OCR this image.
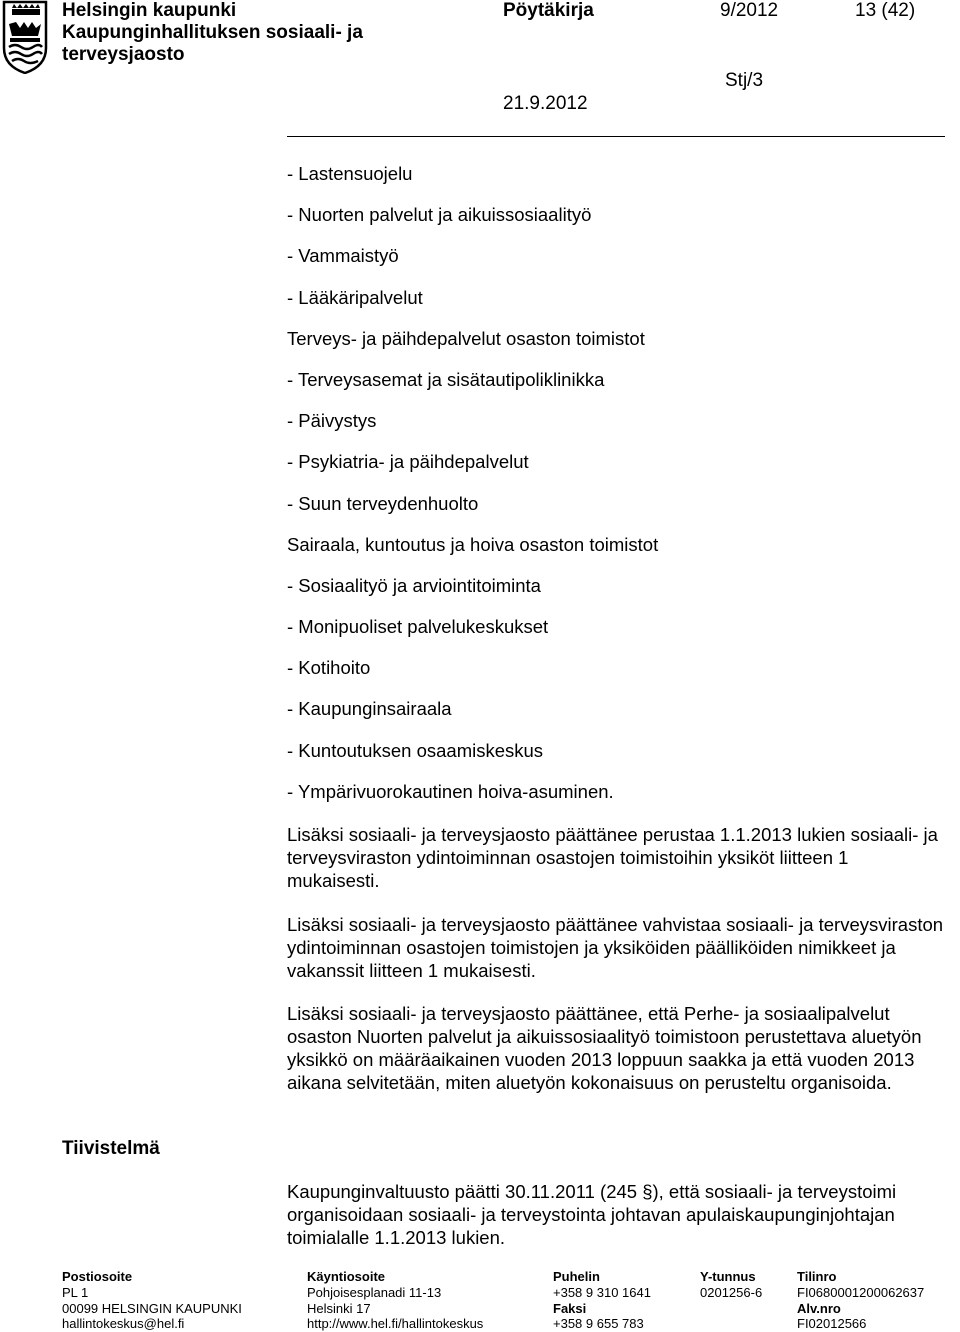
Helsingin kaupunki
Kaupunginhallituksen sosiaali- ja
terveysjaosto
Pöytäkirja	9/2012	13 (42)
Stj/3
21.9.2012
- Lastensuojelu
- Nuorten palvelut ja aikuissosiaalityö
- Vammaistyö
- Lääkäripalvelut
Terveys- ja päihdepalvelut osaston toimistot
- Terveysasemat ja sisätautipoliklinikka
- Päivystys
- Psykiatria- ja päihdepalvelut
- Suun terveydenhuolto
Sairaala, kuntoutus ja hoiva osaston toimistot
- Sosiaalityö ja arviointitoiminta
- Monipuoliset palvelukeskukset
- Kotihoito
- Kaupunginsairaala
- Kuntoutuksen osaamiskeskus
- Ympärivuorokautinen hoiva-asuminen.
Lisäksi sosiaali- ja terveysjaosto päättänee perustaa 1.1.2013 lukien sosiaali- ja terveysviraston ydintoiminnan osastojen toimistoihin yksiköt liitteen 1 mukaisesti.
Lisäksi sosiaali- ja terveysjaosto päättänee vahvistaa sosiaali- ja terveysviraston ydintoiminnan osastojen toimistojen ja yksiköiden päälliköiden nimikkeet ja vakanssit liitteen 1 mukaisesti.
Lisäksi sosiaali- ja terveysjaosto päättänee, että Perhe- ja sosiaalipalvelut osaston Nuorten palvelut ja aikuissosiaalityö toimistoon perustettava aluetyön yksikkö on määräaikainen vuoden 2013 loppuun saakka ja että vuoden 2013 aikana selvitetään, miten aluetyön kokonaisuus on perusteltu organisoida.
Tiivistelmä
Kaupunginvaltuusto päätti 30.11.2011 (245 §), että sosiaali- ja terveystoimi organisoidaan sosiaali- ja terveystointa johtavan apulaiskaupunginjohtajan toimialalle 1.1.2013 lukien.
Postiosoite
PL 1
00099 HELSINGIN KAUPUNKI
hallintokeskus@hel.fi
Käyntiosoite
Pohjoisesplanadi 11-13
Helsinki 17
http://www.hel.fi/hallintokeskus
Puhelin
+358 9 310 1641
Faksi
+358 9 655 783
Y-tunnus
0201256-6
Tilinro
FI0680001200062637
Alv.nro
FI02012566
